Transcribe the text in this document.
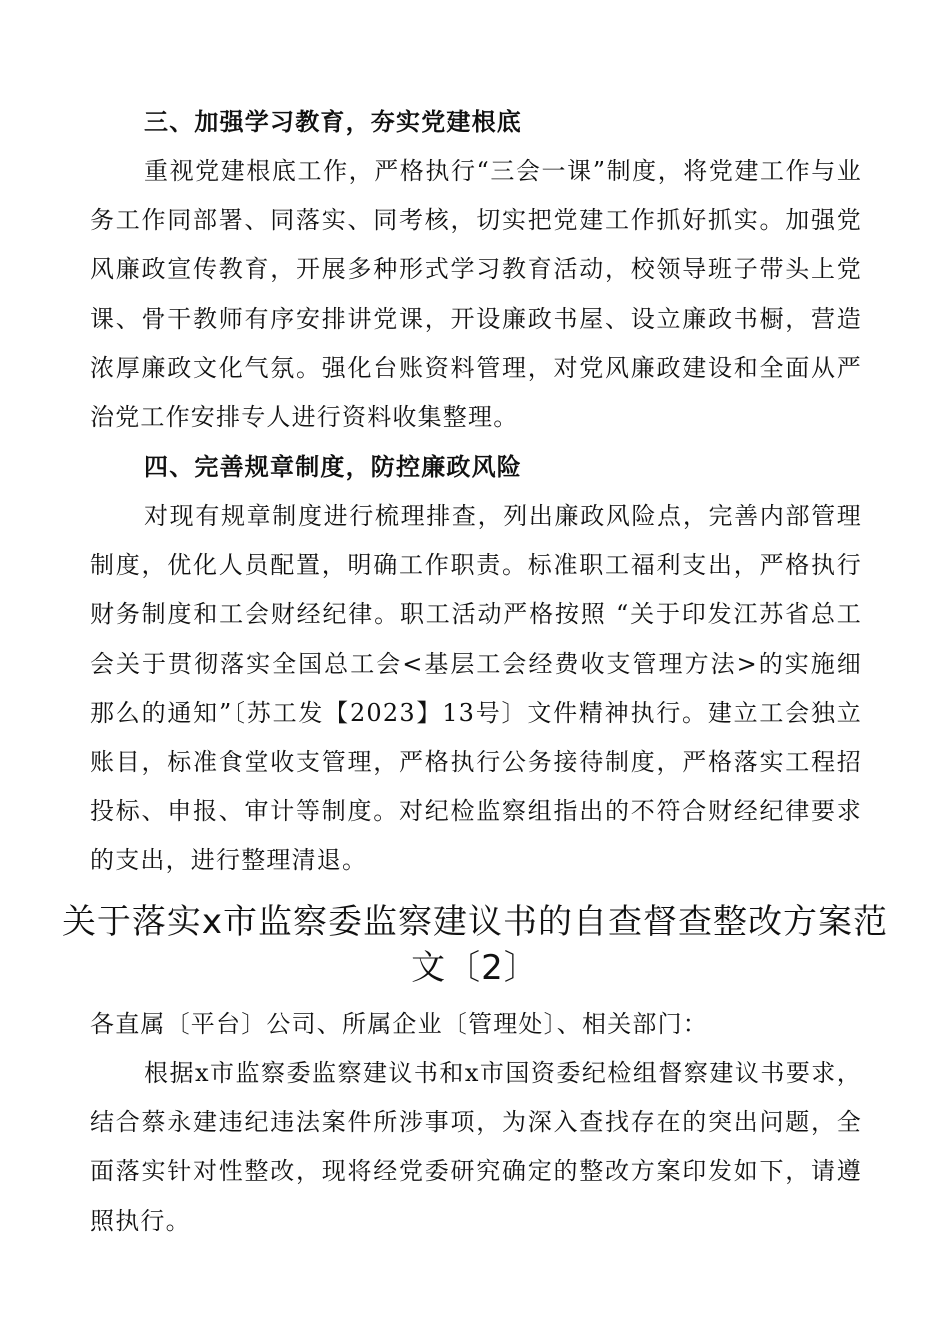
三、加强学习教育，夯实党建根底

重视党建根底工作，严格执行“三会一课”制度，将党建工作与业务工作同部署、同落实、同考核，切实把党建工作抓好抓实。加强党风廉政宣传教育，开展多种形式学习教育活动，校领导班子带头上党课、骨干教师有序安排讲党课，开设廉政书屋、设立廉政书橱，营造浓厚廉政文化气氛。强化台账资料管理，对党风廉政建设和全面从严治党工作安排专人进行资料收集整理。

四、完善规章制度，防控廉政风险

对现有规章制度进行梳理排查，列出廉政风险点，完善内部管理制度，优化人员配置，明确工作职责。标准职工福利支出，严格执行财务制度和工会财经纪律。职工活动严格按照 “关于印发江苏省总工会关于贯彻落实全国总工会<基层工会经费收支管理方法>的实施细那么的通知”〔苏工发【2023】13号〕文件精神执行。建立工会独立账目，标准食堂收支管理，严格执行公务接待制度，严格落实工程招投标、申报、审计等制度。对纪检监察组指出的不符合财经纪律要求的支出，进行整理清退。

关于落实x市监察委监察建议书的自查督查整改方案范文〔2〕

各直属〔平台〕公司、所属企业〔管理处〕、相关部门：

根据x市监察委监察建议书和x市国资委纪检组督察建议书要求，结合蔡永建违纪违法案件所涉事项，为深入查找存在的突出问题，全面落实针对性整改，现将经党委研究确定的整改方案印发如下，请遵照执行。
